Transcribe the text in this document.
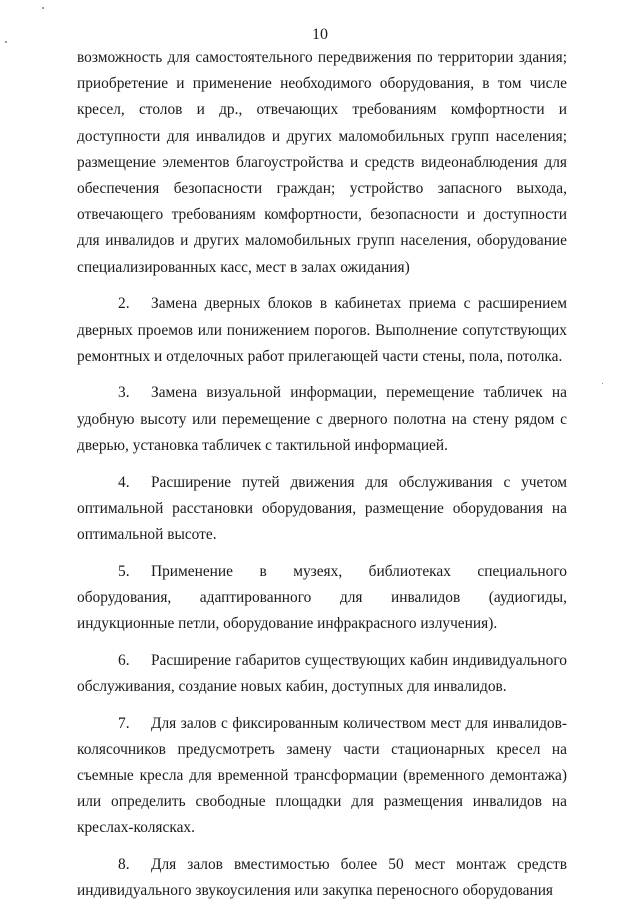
10

возможность для самостоятельного передвижения по территории здания; приобретение и применение необходимого оборудования, в том числе кресел, столов и др., отвечающих требованиям комфортности и доступности для инвалидов и других маломобильных групп населения; размещение элементов благоустройства и средств видеонаблюдения для обеспечения безопасности граждан; устройство запасного выхода, отвечающего требованиям комфортности, безопасности и доступности для инвалидов и других маломобильных групп населения, оборудование специализированных касс, мест в залах ожидания)

2. Замена дверных блоков в кабинетах приема с расширением дверных проемов или понижением порогов. Выполнение сопутствующих ремонтных и отделочных работ прилегающей части стены, пола, потолка.

3. Замена визуальной информации, перемещение табличек на удобную высоту или перемещение с дверного полотна на стену рядом с дверью, установка табличек с тактильной информацией.

4. Расширение путей движения для обслуживания с учетом оптимальной расстановки оборудования, размещение оборудования на оптимальной высоте.

5. Применение в музеях, библиотеках специального оборудования, адаптированного для инвалидов (аудиогиды, индукционные петли, оборудование инфракрасного излучения).

6. Расширение габаритов существующих кабин индивидуального обслуживания, создание новых кабин, доступных для инвалидов.

7. Для залов с фиксированным количеством мест для инвалидов-колясочников предусмотреть замену части стационарных кресел на съемные кресла для временной трансформации (временного демонтажа) или определить свободные площадки для размещения инвалидов на креслах-колясках.

8. Для залов вместимостью более 50 мест монтаж средств индивидуального звукоусиления или закупка переносного оборудования
